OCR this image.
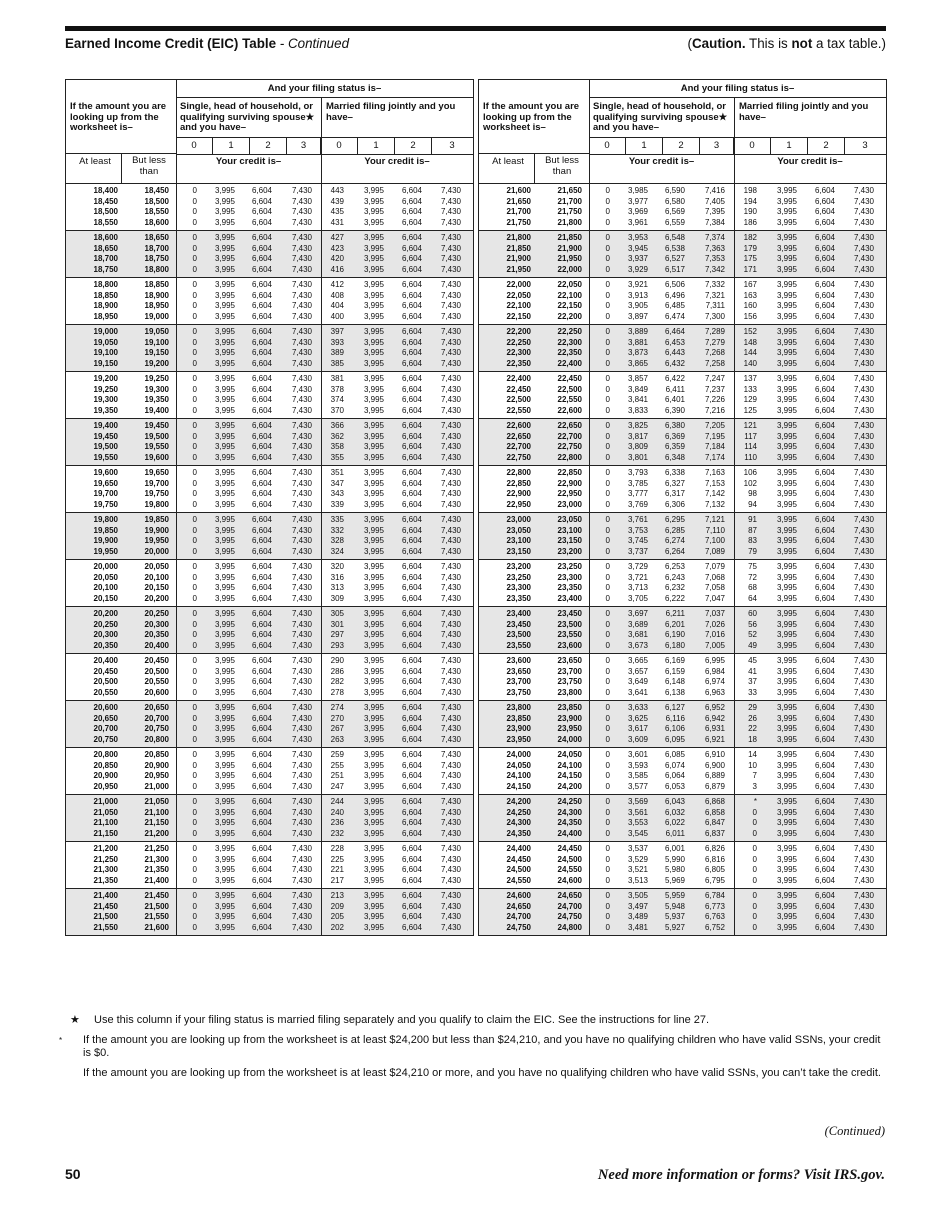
Earned Income Credit (EIC) Table - Continued	(Caution. This is not a tax table.)
If the amount you are looking up from the worksheet is–
At least	But less than
And your filing status is–
Single, head of household, or qualifying surviving spouse★ and you have–
Married filing jointly and you have–
0	1	2	3	0	1	2	3
Your credit is–	Your credit is–
18,400	18,450	0	3,995	6,604	7,430	443	3,995	6,604	7,430
18,450	18,500	0	3,995	6,604	7,430	439	3,995	6,604	7,430
18,500	18,550	0	3,995	6,604	7,430	435	3,995	6,604	7,430
18,550	18,600	0	3,995	6,604	7,430	431	3,995	6,604	7,430
18,600	18,650	0	3,995	6,604	7,430	427	3,995	6,604	7,430
18,650	18,700	0	3,995	6,604	7,430	423	3,995	6,604	7,430
18,700	18,750	0	3,995	6,604	7,430	420	3,995	6,604	7,430
18,750	18,800	0	3,995	6,604	7,430	416	3,995	6,604	7,430
18,800	18,850	0	3,995	6,604	7,430	412	3,995	6,604	7,430
18,850	18,900	0	3,995	6,604	7,430	408	3,995	6,604	7,430
18,900	18,950	0	3,995	6,604	7,430	404	3,995	6,604	7,430
18,950	19,000	0	3,995	6,604	7,430	400	3,995	6,604	7,430
19,000	19,050	0	3,995	6,604	7,430	397	3,995	6,604	7,430
19,050	19,100	0	3,995	6,604	7,430	393	3,995	6,604	7,430
19,100	19,150	0	3,995	6,604	7,430	389	3,995	6,604	7,430
19,150	19,200	0	3,995	6,604	7,430	385	3,995	6,604	7,430
19,200	19,250	0	3,995	6,604	7,430	381	3,995	6,604	7,430
19,250	19,300	0	3,995	6,604	7,430	378	3,995	6,604	7,430
19,300	19,350	0	3,995	6,604	7,430	374	3,995	6,604	7,430
19,350	19,400	0	3,995	6,604	7,430	370	3,995	6,604	7,430
19,400	19,450	0	3,995	6,604	7,430	366	3,995	6,604	7,430
19,450	19,500	0	3,995	6,604	7,430	362	3,995	6,604	7,430
19,500	19,550	0	3,995	6,604	7,430	358	3,995	6,604	7,430
19,550	19,600	0	3,995	6,604	7,430	355	3,995	6,604	7,430
19,600	19,650	0	3,995	6,604	7,430	351	3,995	6,604	7,430
19,650	19,700	0	3,995	6,604	7,430	347	3,995	6,604	7,430
19,700	19,750	0	3,995	6,604	7,430	343	3,995	6,604	7,430
19,750	19,800	0	3,995	6,604	7,430	339	3,995	6,604	7,430
19,800	19,850	0	3,995	6,604	7,430	335	3,995	6,604	7,430
19,850	19,900	0	3,995	6,604	7,430	332	3,995	6,604	7,430
19,900	19,950	0	3,995	6,604	7,430	328	3,995	6,604	7,430
19,950	20,000	0	3,995	6,604	7,430	324	3,995	6,604	7,430
20,000	20,050	0	3,995	6,604	7,430	320	3,995	6,604	7,430
20,050	20,100	0	3,995	6,604	7,430	316	3,995	6,604	7,430
20,100	20,150	0	3,995	6,604	7,430	313	3,995	6,604	7,430
20,150	20,200	0	3,995	6,604	7,430	309	3,995	6,604	7,430
20,200	20,250	0	3,995	6,604	7,430	305	3,995	6,604	7,430
20,250	20,300	0	3,995	6,604	7,430	301	3,995	6,604	7,430
20,300	20,350	0	3,995	6,604	7,430	297	3,995	6,604	7,430
20,350	20,400	0	3,995	6,604	7,430	293	3,995	6,604	7,430
20,400	20,450	0	3,995	6,604	7,430	290	3,995	6,604	7,430
20,450	20,500	0	3,995	6,604	7,430	286	3,995	6,604	7,430
20,500	20,550	0	3,995	6,604	7,430	282	3,995	6,604	7,430
20,550	20,600	0	3,995	6,604	7,430	278	3,995	6,604	7,430
20,600	20,650	0	3,995	6,604	7,430	274	3,995	6,604	7,430
20,650	20,700	0	3,995	6,604	7,430	270	3,995	6,604	7,430
20,700	20,750	0	3,995	6,604	7,430	267	3,995	6,604	7,430
20,750	20,800	0	3,995	6,604	7,430	263	3,995	6,604	7,430
20,800	20,850	0	3,995	6,604	7,430	259	3,995	6,604	7,430
20,850	20,900	0	3,995	6,604	7,430	255	3,995	6,604	7,430
20,900	20,950	0	3,995	6,604	7,430	251	3,995	6,604	7,430
20,950	21,000	0	3,995	6,604	7,430	247	3,995	6,604	7,430
21,000	21,050	0	3,995	6,604	7,430	244	3,995	6,604	7,430
21,050	21,100	0	3,995	6,604	7,430	240	3,995	6,604	7,430
21,100	21,150	0	3,995	6,604	7,430	236	3,995	6,604	7,430
21,150	21,200	0	3,995	6,604	7,430	232	3,995	6,604	7,430
21,200	21,250	0	3,995	6,604	7,430	228	3,995	6,604	7,430
21,250	21,300	0	3,995	6,604	7,430	225	3,995	6,604	7,430
21,300	21,350	0	3,995	6,604	7,430	221	3,995	6,604	7,430
21,350	21,400	0	3,995	6,604	7,430	217	3,995	6,604	7,430
21,400	21,450	0	3,995	6,604	7,430	213	3,995	6,604	7,430
21,450	21,500	0	3,995	6,604	7,430	209	3,995	6,604	7,430
21,500	21,550	0	3,995	6,604	7,430	205	3,995	6,604	7,430
21,550	21,600	0	3,995	6,604	7,430	202	3,995	6,604	7,430
If the amount you are looking up from the worksheet is–
At least	But less than
And your filing status is–
Single, head of household, or qualifying surviving spouse★ and you have–
Married filing jointly and you have–
0	1	2	3	0	1	2	3
Your credit is–	Your credit is–
21,600	21,650	0	3,985	6,590	7,416	198	3,995	6,604	7,430
21,650	21,700	0	3,977	6,580	7,405	194	3,995	6,604	7,430
21,700	21,750	0	3,969	6,569	7,395	190	3,995	6,604	7,430
21,750	21,800	0	3,961	6,559	7,384	186	3,995	6,604	7,430
21,800	21,850	0	3,953	6,548	7,374	182	3,995	6,604	7,430
21,850	21,900	0	3,945	6,538	7,363	179	3,995	6,604	7,430
21,900	21,950	0	3,937	6,527	7,353	175	3,995	6,604	7,430
21,950	22,000	0	3,929	6,517	7,342	171	3,995	6,604	7,430
22,000	22,050	0	3,921	6,506	7,332	167	3,995	6,604	7,430
22,050	22,100	0	3,913	6,496	7,321	163	3,995	6,604	7,430
22,100	22,150	0	3,905	6,485	7,311	160	3,995	6,604	7,430
22,150	22,200	0	3,897	6,474	7,300	156	3,995	6,604	7,430
22,200	22,250	0	3,889	6,464	7,289	152	3,995	6,604	7,430
22,250	22,300	0	3,881	6,453	7,279	148	3,995	6,604	7,430
22,300	22,350	0	3,873	6,443	7,268	144	3,995	6,604	7,430
22,350	22,400	0	3,865	6,432	7,258	140	3,995	6,604	7,430
22,400	22,450	0	3,857	6,422	7,247	137	3,995	6,604	7,430
22,450	22,500	0	3,849	6,411	7,237	133	3,995	6,604	7,430
22,500	22,550	0	3,841	6,401	7,226	129	3,995	6,604	7,430
22,550	22,600	0	3,833	6,390	7,216	125	3,995	6,604	7,430
22,600	22,650	0	3,825	6,380	7,205	121	3,995	6,604	7,430
22,650	22,700	0	3,817	6,369	7,195	117	3,995	6,604	7,430
22,700	22,750	0	3,809	6,359	7,184	114	3,995	6,604	7,430
22,750	22,800	0	3,801	6,348	7,174	110	3,995	6,604	7,430
22,800	22,850	0	3,793	6,338	7,163	106	3,995	6,604	7,430
22,850	22,900	0	3,785	6,327	7,153	102	3,995	6,604	7,430
22,900	22,950	0	3,777	6,317	7,142	98	3,995	6,604	7,430
22,950	23,000	0	3,769	6,306	7,132	94	3,995	6,604	7,430
23,000	23,050	0	3,761	6,295	7,121	91	3,995	6,604	7,430
23,050	23,100	0	3,753	6,285	7,110	87	3,995	6,604	7,430
23,100	23,150	0	3,745	6,274	7,100	83	3,995	6,604	7,430
23,150	23,200	0	3,737	6,264	7,089	79	3,995	6,604	7,430
23,200	23,250	0	3,729	6,253	7,079	75	3,995	6,604	7,430
23,250	23,300	0	3,721	6,243	7,068	72	3,995	6,604	7,430
23,300	23,350	0	3,713	6,232	7,058	68	3,995	6,604	7,430
23,350	23,400	0	3,705	6,222	7,047	64	3,995	6,604	7,430
23,400	23,450	0	3,697	6,211	7,037	60	3,995	6,604	7,430
23,450	23,500	0	3,689	6,201	7,026	56	3,995	6,604	7,430
23,500	23,550	0	3,681	6,190	7,016	52	3,995	6,604	7,430
23,550	23,600	0	3,673	6,180	7,005	49	3,995	6,604	7,430
23,600	23,650	0	3,665	6,169	6,995	45	3,995	6,604	7,430
23,650	23,700	0	3,657	6,159	6,984	41	3,995	6,604	7,430
23,700	23,750	0	3,649	6,148	6,974	37	3,995	6,604	7,430
23,750	23,800	0	3,641	6,138	6,963	33	3,995	6,604	7,430
23,800	23,850	0	3,633	6,127	6,952	29	3,995	6,604	7,430
23,850	23,900	0	3,625	6,116	6,942	26	3,995	6,604	7,430
23,900	23,950	0	3,617	6,106	6,931	22	3,995	6,604	7,430
23,950	24,000	0	3,609	6,095	6,921	18	3,995	6,604	7,430
24,000	24,050	0	3,601	6,085	6,910	14	3,995	6,604	7,430
24,050	24,100	0	3,593	6,074	6,900	10	3,995	6,604	7,430
24,100	24,150	0	3,585	6,064	6,889	7	3,995	6,604	7,430
24,150	24,200	0	3,577	6,053	6,879	3	3,995	6,604	7,430
24,200	24,250	0	3,569	6,043	6,868	*	3,995	6,604	7,430
24,250	24,300	0	3,561	6,032	6,858	0	3,995	6,604	7,430
24,300	24,350	0	3,553	6,022	6,847	0	3,995	6,604	7,430
24,350	24,400	0	3,545	6,011	6,837	0	3,995	6,604	7,430
24,400	24,450	0	3,537	6,001	6,826	0	3,995	6,604	7,430
24,450	24,500	0	3,529	5,990	6,816	0	3,995	6,604	7,430
24,500	24,550	0	3,521	5,980	6,805	0	3,995	6,604	7,430
24,550	24,600	0	3,513	5,969	6,795	0	3,995	6,604	7,430
24,600	24,650	0	3,505	5,959	6,784	0	3,995	6,604	7,430
24,650	24,700	0	3,497	5,948	6,773	0	3,995	6,604	7,430
24,700	24,750	0	3,489	5,937	6,763	0	3,995	6,604	7,430
24,750	24,800	0	3,481	5,927	6,752	0	3,995	6,604	7,430
★ Use this column if your filing status is married filing separately and you qualify to claim the EIC. See the instructions for line 27.
* If the amount you are looking up from the worksheet is at least $24,200 but less than $24,210, and you have no qualifying children who have valid SSNs, your credit is $0.
If the amount you are looking up from the worksheet is at least $24,210 or more, and you have no qualifying children who have valid SSNs, you can’t take the credit.
(Continued)
50	Need more information or forms? Visit IRS.gov.
